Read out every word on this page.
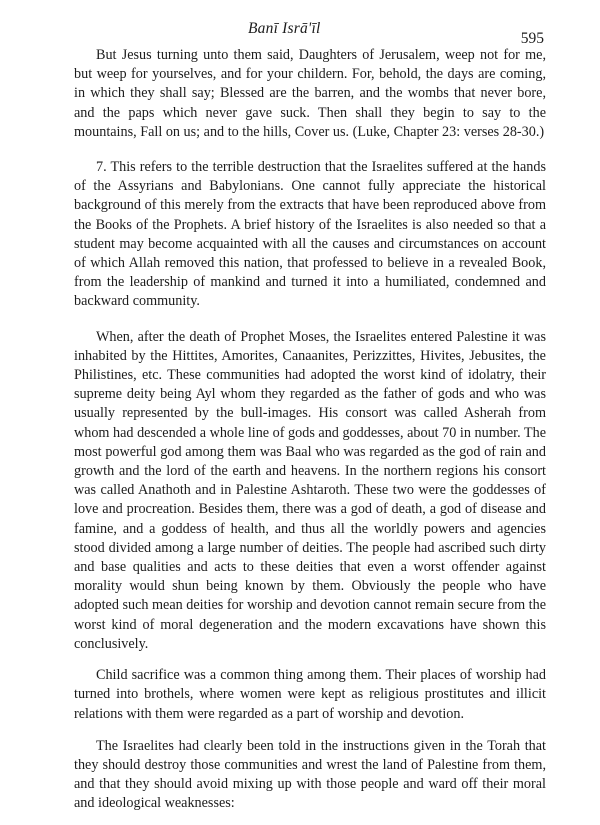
Banī Isrā'īl
595

But Jesus turning unto them said, Daughters of Jerusalem, weep not for me, but weep for yourselves, and for your childern. For, behold, the days are coming, in which they shall say; Blessed are the barren, and the wombs that never bore, and the paps which never gave suck. Then shall they begin to say to the mountains, Fall on us; and to the hills, Cover us. (Luke, Chapter 23: verses 28-30.)

7. This refers to the terrible destruction that the Israelites suffered at the hands of the Assyrians and Babylonians. One cannot fully appreciate the historical background of this merely from the extracts that have been reproduced above from the Books of the Prophets. A brief history of the Israelites is also needed so that a student may become acquainted with all the causes and circumstances on account of which Allah removed this nation, that professed to believe in a revealed Book, from the leadership of mankind and turned it into a humiliated, condemned and backward community.

When, after the death of Prophet Moses, the Israelites entered Palestine it was inhabited by the Hittites, Amorites, Canaanites, Perizzittes, Hivites, Jebusites, the Philistines, etc. These communities had adopted the worst kind of idolatry, their supreme deity being Ayl whom they regarded as the father of gods and who was usually represented by the bull-images. His consort was called Asherah from whom had descended a whole line of gods and goddesses, about 70 in number. The most powerful god among them was Baal who was regarded as the god of rain and growth and the lord of the earth and heavens. In the northern regions his consort was called Anathoth and in Palestine Ashtaroth. These two were the goddesses of love and procreation. Besides them, there was a god of death, a god of disease and famine, and a goddess of health, and thus all the worldly powers and agencies stood divided among a large number of deities. The people had ascribed such dirty and base qualities and acts to these deities that even a worst offender against morality would shun being known by them. Obviously the people who have adopted such mean deities for worship and devotion cannot remain secure from the worst kind of moral degeneration and the modern excavations have shown this conclusively.

Child sacrifice was a common thing among them. Their places of worship had turned into brothels, where women were kept as religious prostitutes and illicit relations with them were regarded as a part of worship and devotion.

The Israelites had clearly been told in the instructions given in the Torah that they should destroy those communities and wrest the land of Palestine from them, and that they should avoid mixing up with those people and ward off their moral and ideological weaknesses:
